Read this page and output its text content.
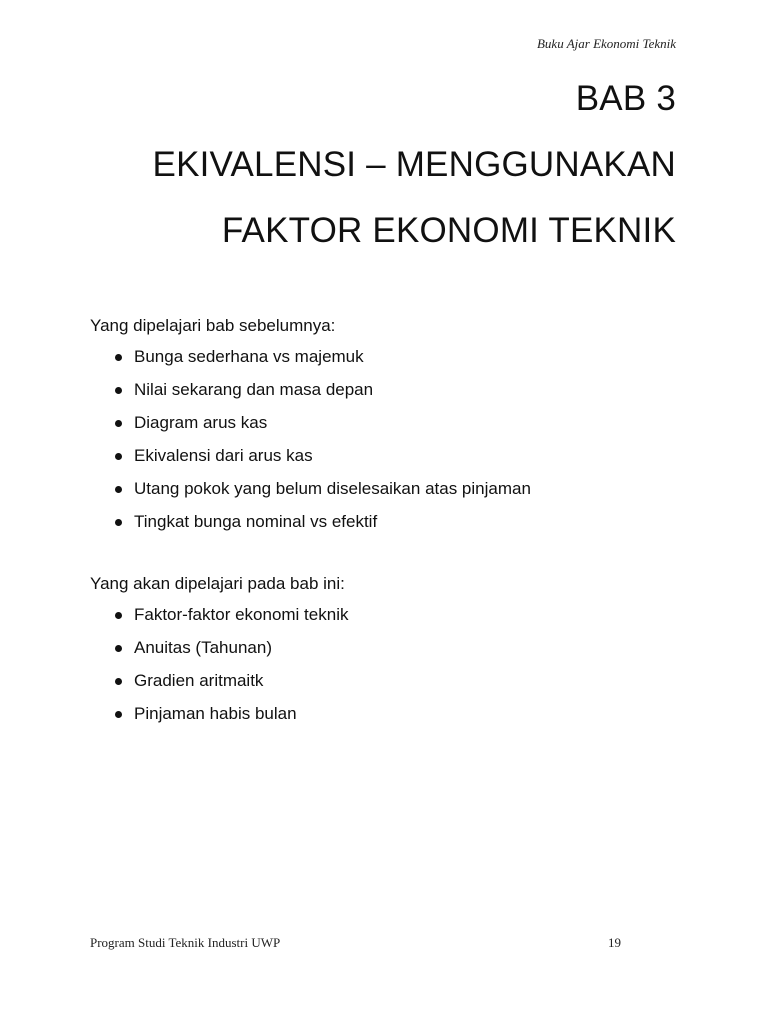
Buku Ajar Ekonomi Teknik
BAB 3
EKIVALENSI – MENGGUNAKAN
FAKTOR EKONOMI TEKNIK

Yang dipelajari bab sebelumnya:

Bunga sederhana vs majemuk
Nilai sekarang dan masa depan
Diagram arus kas
Ekivalensi dari arus kas
Utang pokok yang belum diselesaikan atas pinjaman
Tingkat bunga nominal vs efektif

Yang akan dipelajari pada bab ini:

Faktor-faktor ekonomi teknik
Anuitas (Tahunan)
Gradien aritmaitk
Pinjaman habis bulan
Program Studi Teknik Industri UWP	19
